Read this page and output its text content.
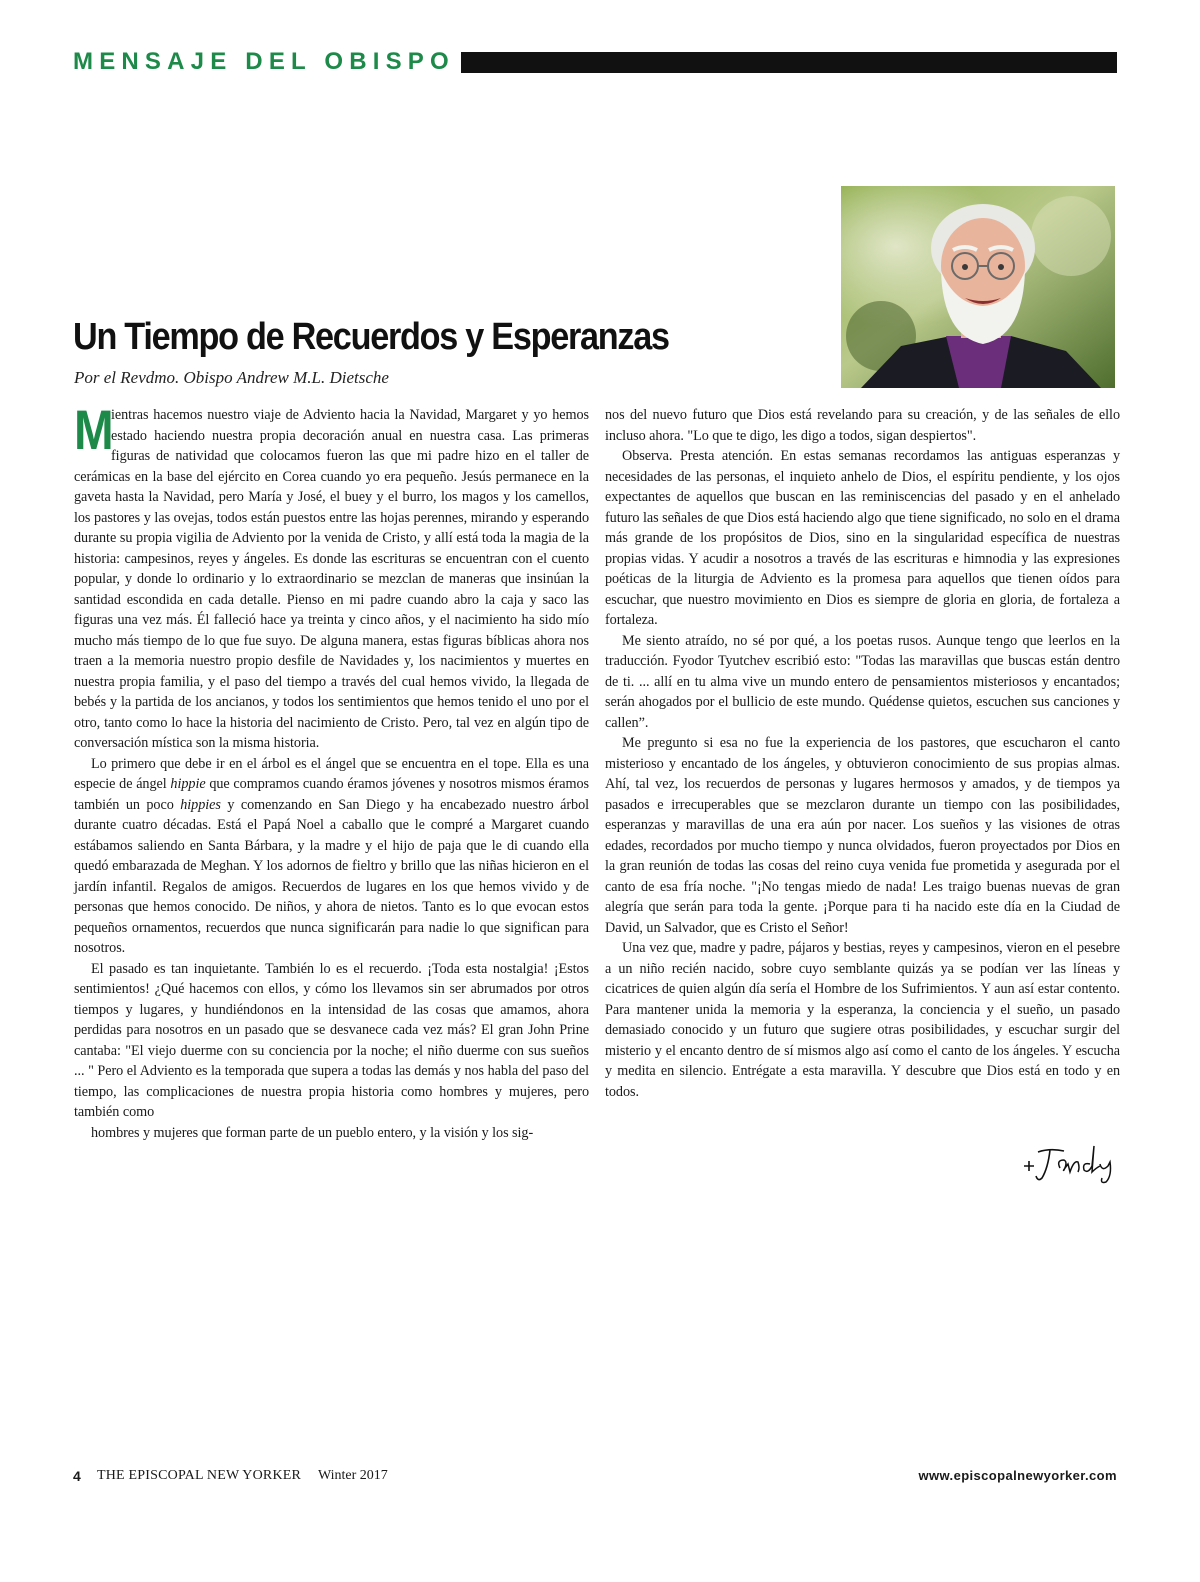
MENSAJE DEL OBISPO
Un Tiempo de Recuerdos y Esperanzas
Por el Revdmo. Obispo Andrew M.L. Dietsche

M
ientras hacemos nuestro viaje de Adviento hacia la Navidad, Margaret y yo hemos estado haciendo nuestra propia decoración anual en nuestra casa. Las primeras figuras de natividad que colocamos fueron las que mi padre hizo en el taller de cerámicas en la base del ejército en Corea cuando yo era pequeño. Jesús permanece en la gaveta hasta la Navidad, pero María y José, el buey y el burro, los magos y los camellos, los pastores y las ovejas, todos están puestos entre las hojas perennes, mirando y esperando durante su propia vigilia de Adviento por la venida de Cristo, y allí está toda la magia de la historia: campesinos, reyes y ángeles. Es donde las escrituras se encuentran con el cuento popular, y donde lo ordinario y lo extraordinario se mezclan de maneras que insinúan la santidad escondida en cada detalle. Pienso en mi padre cuando abro la caja y saco las figuras una vez más. Él falleció hace ya treinta y cinco años, y el nacimiento ha sido mío mucho más tiempo de lo que fue suyo. De alguna manera, estas figuras bíblicas ahora nos traen a la memoria nuestro propio desfile de Navidades y, los nacimientos y muertes en nuestra propia familia, y el paso del tiempo a través del cual hemos vivido, la llegada de bebés y la partida de los ancianos, y todos los sentimientos que hemos tenido el uno por el otro, tanto como lo hace la historia del nacimiento de Cristo. Pero, tal vez en algún tipo de conversación mística son la misma historia.

Lo primero que debe ir en el árbol es el ángel que se encuentra en el tope. Ella es una especie de ángel hippie que compramos cuando éramos jóvenes y nosotros mismos éramos también un poco hippies y comenzando en San Diego y ha encabezado nuestro árbol durante cuatro décadas. Está el Papá Noel a caballo que le compré a Margaret cuando estábamos saliendo en Santa Bárbara, y la madre y el hijo de paja que le di cuando ella quedó embarazada de Meghan. Y los adornos de fieltro y brillo que las niñas hicieron en el jardín infantil. Regalos de amigos. Recuerdos de lugares en los que hemos vivido y de personas que hemos conocido. De niños, y ahora de nietos. Tanto es lo que evocan estos pequeños ornamentos, recuerdos que nunca significarán para nadie lo que significan para nosotros.

El pasado es tan inquietante. También lo es el recuerdo. ¡Toda esta nostalgia! ¡Estos sentimientos! ¿Qué hacemos con ellos, y cómo los llevamos sin ser abrumados por otros tiempos y lugares, y hundiéndonos en la intensidad de las cosas que amamos, ahora perdidas para nosotros en un pasado que se desvanece cada vez más? El gran John Prine cantaba: "El viejo duerme con su conciencia por la noche; el niño duerme con sus sueños ... " Pero el Adviento es la temporada que supera a todas las demás y nos habla del paso del tiempo, las complicaciones de nuestra propia historia como hombres y mujeres, pero también como

hombres y mujeres que forman parte de un pueblo entero, y la visión y los sig-

nos del nuevo futuro que Dios está revelando para su creación, y de las señales de ello incluso ahora. "Lo que te digo, les digo a todos, sigan despiertos".

Observa. Presta atención. En estas semanas recordamos las antiguas esperanzas y necesidades de las personas, el inquieto anhelo de Dios, el espíritu pendiente, y los ojos expectantes de aquellos que buscan en las reminiscencias del pasado y en el anhelado futuro las señales de que Dios está haciendo algo que tiene significado, no solo en el drama más grande de los propósitos de Dios, sino en la singularidad específica de nuestras propias vidas. Y acudir a nosotros a través de las escrituras e himnodia y las expresiones poéticas de la liturgia de Adviento es la promesa para aquellos que tienen oídos para escuchar, que nuestro movimiento en Dios es siempre de gloria en gloria, de fortaleza a fortaleza.

Me siento atraído, no sé por qué, a los poetas rusos. Aunque tengo que leerlos en la traducción. Fyodor Tyutchev escribió esto: "Todas las maravillas que buscas están dentro de ti. ... allí en tu alma vive un mundo entero de pensamientos misteriosos y encantados; serán ahogados por el bullicio de este mundo. Quédense quietos, escuchen sus canciones y callen”.

Me pregunto si esa no fue la experiencia de los pastores, que escucharon el canto misterioso y encantado de los ángeles, y obtuvieron conocimiento de sus propias almas. Ahí, tal vez, los recuerdos de personas y lugares hermosos y amados, y de tiempos ya pasados e irrecuperables que se mezclaron durante un tiempo con las posibilidades, esperanzas y maravillas de una era aún por nacer. Los sueños y las visiones de otras edades, recordados por mucho tiempo y nunca olvidados, fueron proyectados por Dios en la gran reunión de todas las cosas del reino cuya venida fue prometida y asegurada por el canto de esa fría noche. "¡No tengas miedo de nada! Les traigo buenas nuevas de gran alegría que serán para toda la gente. ¡Porque para ti ha nacido este día en la Ciudad de David, un Salvador, que es Cristo el Señor!

Una vez que, madre y padre, pájaros y bestias, reyes y campesinos, vieron en el pesebre a un niño recién nacido, sobre cuyo semblante quizás ya se podían ver las líneas y cicatrices de quien algún día sería el Hombre de los Sufrimientos. Y aun así estar contento. Para mantener unida la memoria y la esperanza, la conciencia y el sueño, un pasado demasiado conocido y un futuro que sugiere otras posibilidades, y escuchar surgir del misterio y el encanto dentro de sí mismos algo así como el canto de los ángeles. Y escucha y medita en silencio. Entrégate a esta maravilla. Y descubre que Dios está en todo y en todos.

4 THE EPISCOPAL NEW YORKER Winter 2017	www.episcopalnewyorker.com
